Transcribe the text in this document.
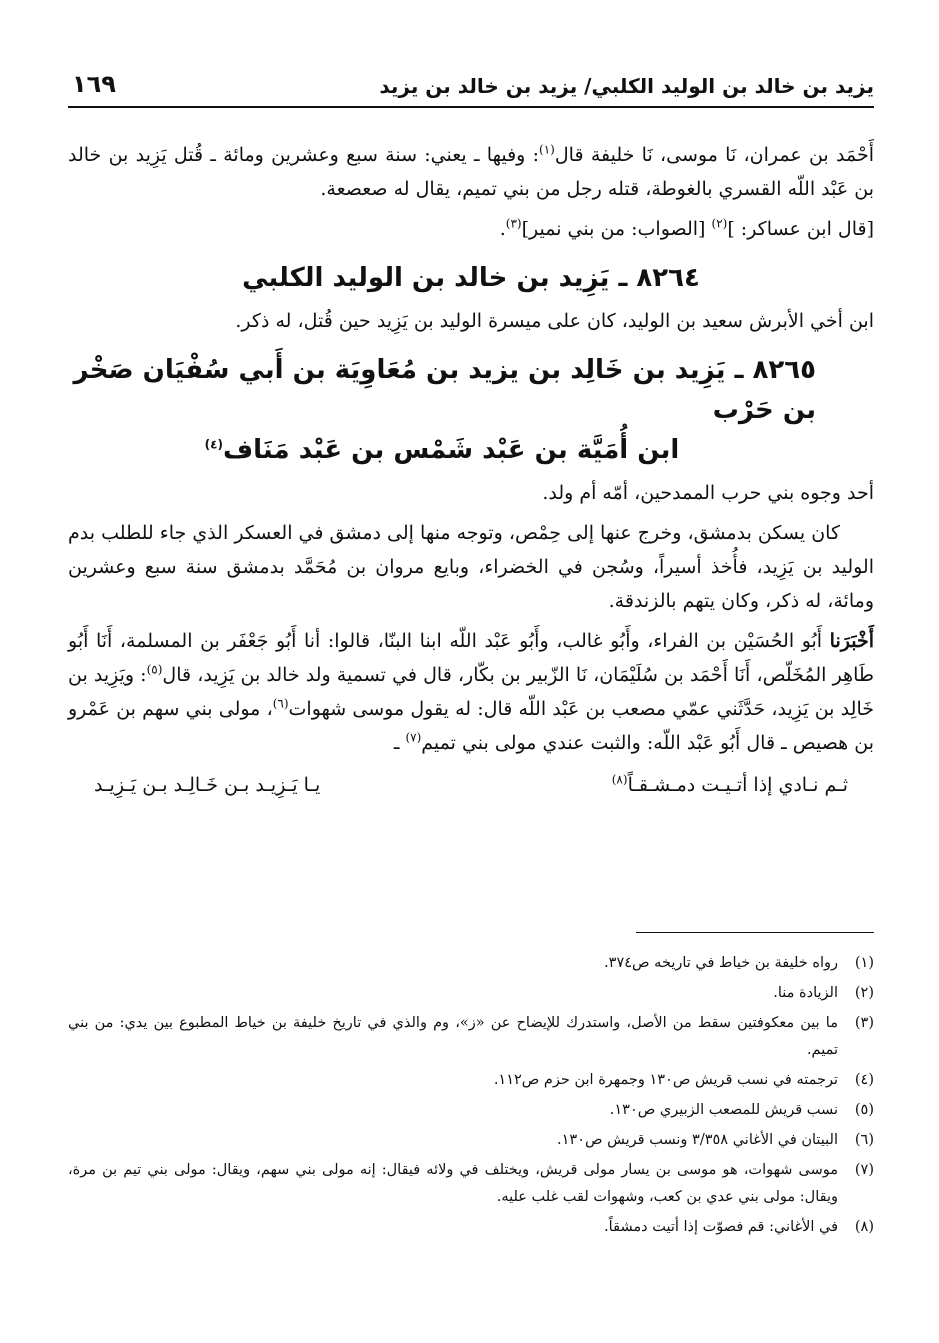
يزيد بن خالد بن الوليد الكلبي/ يزيد بن خالد بن يزيد
١٦٩

أَحْمَد بن عمران، نَا موسى، نَا خليفة قال$^{(١)}$: وفيها ـ يعني: سنة سبع وعشرين ومائة ـ قُتل يَزِيد بن خالد بن عَبْد اللّه القسري بالغوطة، قتله رجل من بني تميم، يقال له صعصعة.

[قال ابن عساكر: ]$^{(٢)}$ [الصواب: من بني نمير]$^{(٣)}$.

٨٢٦٤ ـ يَزِيد بن خالد بن الوليد الكلبي

ابن أخي الأبرش سعيد بن الوليد، كان على ميسرة الوليد بن يَزِيد حين قُتل، له ذكر.

٨٢٦٥ ـ يَزِيد بن خَالِد بن يزيد بن مُعَاوِيَة بن أَبي سُفْيَان صَخْر بن حَرْب
ابن أُمَيَّة بن عَبْد شَمْس بن عَبْد مَنَاف$^{(٤)}$

أحد وجوه بني حرب الممدحين، أمّه أم ولد.

كان يسكن بدمشق، وخرج عنها إلى حِمْص، وتوجه منها إلى دمشق في العسكر الذي جاء للطلب بدم الوليد بن يَزِيد، فأُخذ أسيراً، وسُجن في الخضراء، وبايع مروان بن مُحَمَّد بدمشق سنة سبع وعشرين ومائة، له ذكر، وكان يتهم بالزندقة.

أَخْبَرَنا أَبُو الحُسَيْن بن الفراء، وأَبُو غالب، وأَبُو عَبْد اللّه ابنا البنّا، قالوا: أنا أَبُو جَعْفَر بن المسلمة، أَنَا أَبُو طَاهِر المُخَلّص، أَنَا أَحْمَد بن سُلَيْمَان، نَا الزّبير بن بكّار، قال في تسمية ولد خالد بن يَزِيد، قال$^{(٥)}$: ويَزِيد بن خَالِد بن يَزِيد، حَدَّثَني عمّي مصعب بن عَبْد اللّه قال: له يقول موسى شهوات$^{(٦)}$، مولى بني سهم بن عَمْرو بن هصيص ـ قال أَبُو عَبْد اللّه: والثبت عندي مولى بني تميم$^{(٧)}$ ـ

ثـم نـادي إذا أتـيـت دمـشـقـاً$^{(٨)}$
يـا يَـزِيـد بـن خَـالِـد بـن يَـزِيـد
(١)
رواه خليفة بن خياط في تاريخه ص٣٧٤.
(٢)
الزيادة منا.
(٣)
ما بين معكوفتين سقط من الأصل، واستدرك للإيضاح عن «ز»، وم والذي في تاريخ خليفة بن خياط المطبوع بين يدي: من بني تميم.
(٤)
ترجمته في نسب قريش ص١٣٠ وجمهرة ابن حزم ص١١٢.
(٥)
نسب قريش للمصعب الزبيري ص١٣٠.
(٦)
البيتان في الأغاني ٣/٣٥٨ ونسب قريش ص١٣٠.
(٧)
موسى شهوات، هو موسى بن يسار مولى قريش، ويختلف في ولائه فيقال: إنه مولى بني سهم، ويقال: مولى بني تيم بن مرة، ويقال: مولى بني عدي بن كعب، وشهوات لقب غلب عليه.
(٨)
في الأغاني: قم فصوّت إذا أتيت دمشقاً.
